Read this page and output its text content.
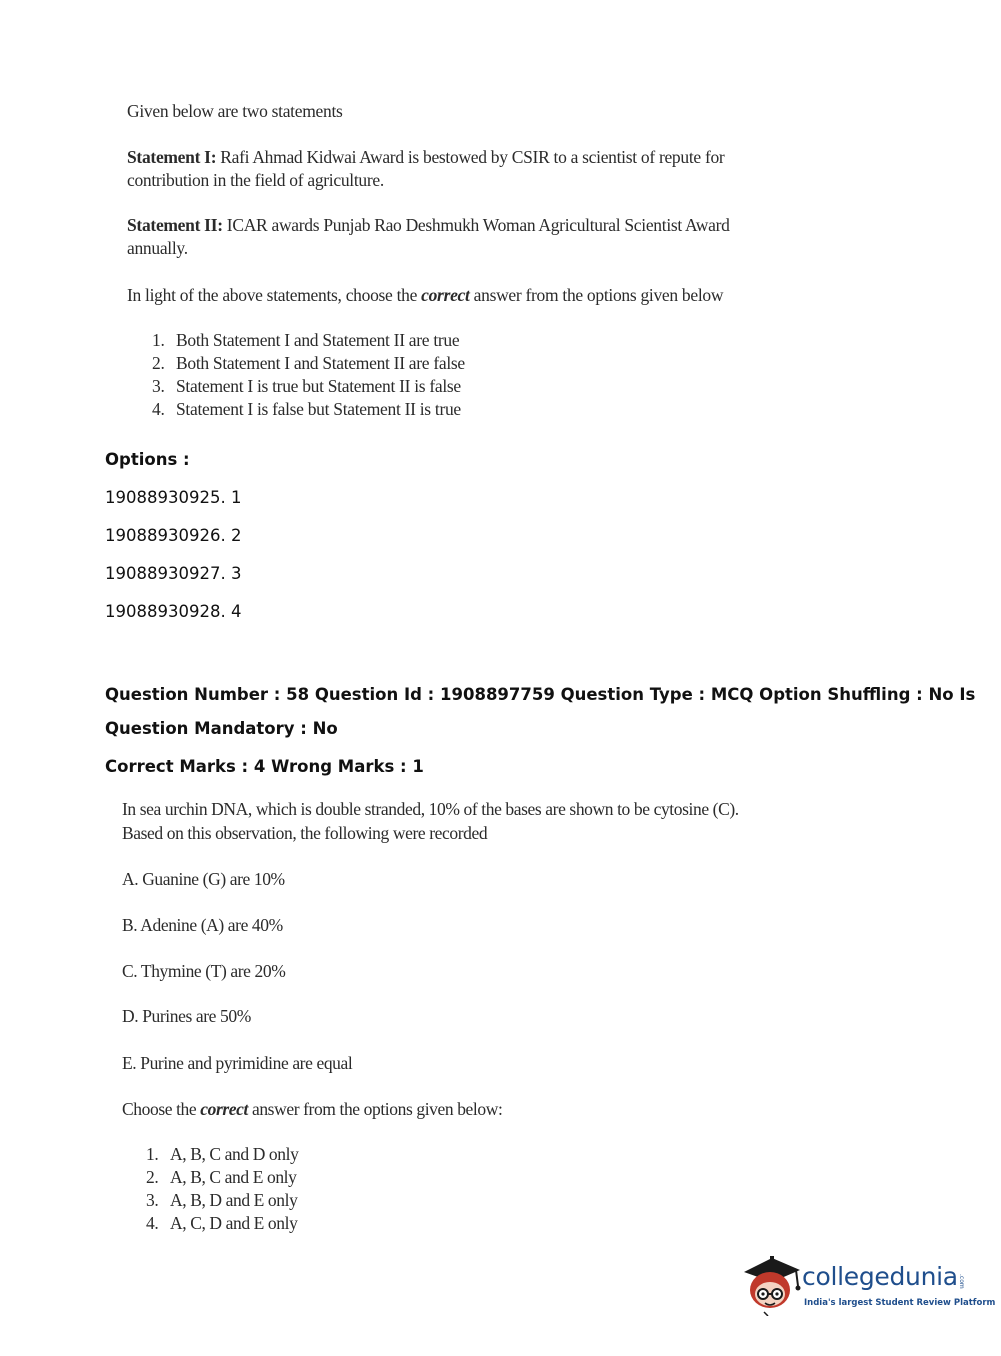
Given below are two statements
Statement I: Rafi Ahmad Kidwai Award is bestowed by CSIR to a scientist of repute for
contribution in the field of agriculture.
Statement II: ICAR awards Punjab Rao Deshmukh Woman Agricultural Scientist Award
annually.
In light of the above statements, choose the correct answer from the options given below
1. Both Statement I and Statement II are true
2. Both Statement I and Statement II are false
3. Statement I is true but Statement II is false
4. Statement I is false but Statement II is true
Options :
19088930925. 1
19088930926. 2
19088930927. 3
19088930928. 4
Question Number : 58 Question Id : 1908897759 Question Type : MCQ Option Shuffling : No Is
Question Mandatory : No
Correct Marks : 4 Wrong Marks : 1
In sea urchin DNA, which is double stranded, 10% of the bases are shown to be cytosine (C).
Based on this observation, the following were recorded
A. Guanine (G) are 10%
B. Adenine (A) are 40%
C. Thymine (T) are 20%
D. Purines are 50%
E. Purine and pyrimidine are equal
Choose the correct answer from the options given below:
1. A, B, C and D only
2. A, B, C and E only
3. A, B, D and E only
4. A, C, D and E only
collegedunia.com
India's largest Student Review Platform
